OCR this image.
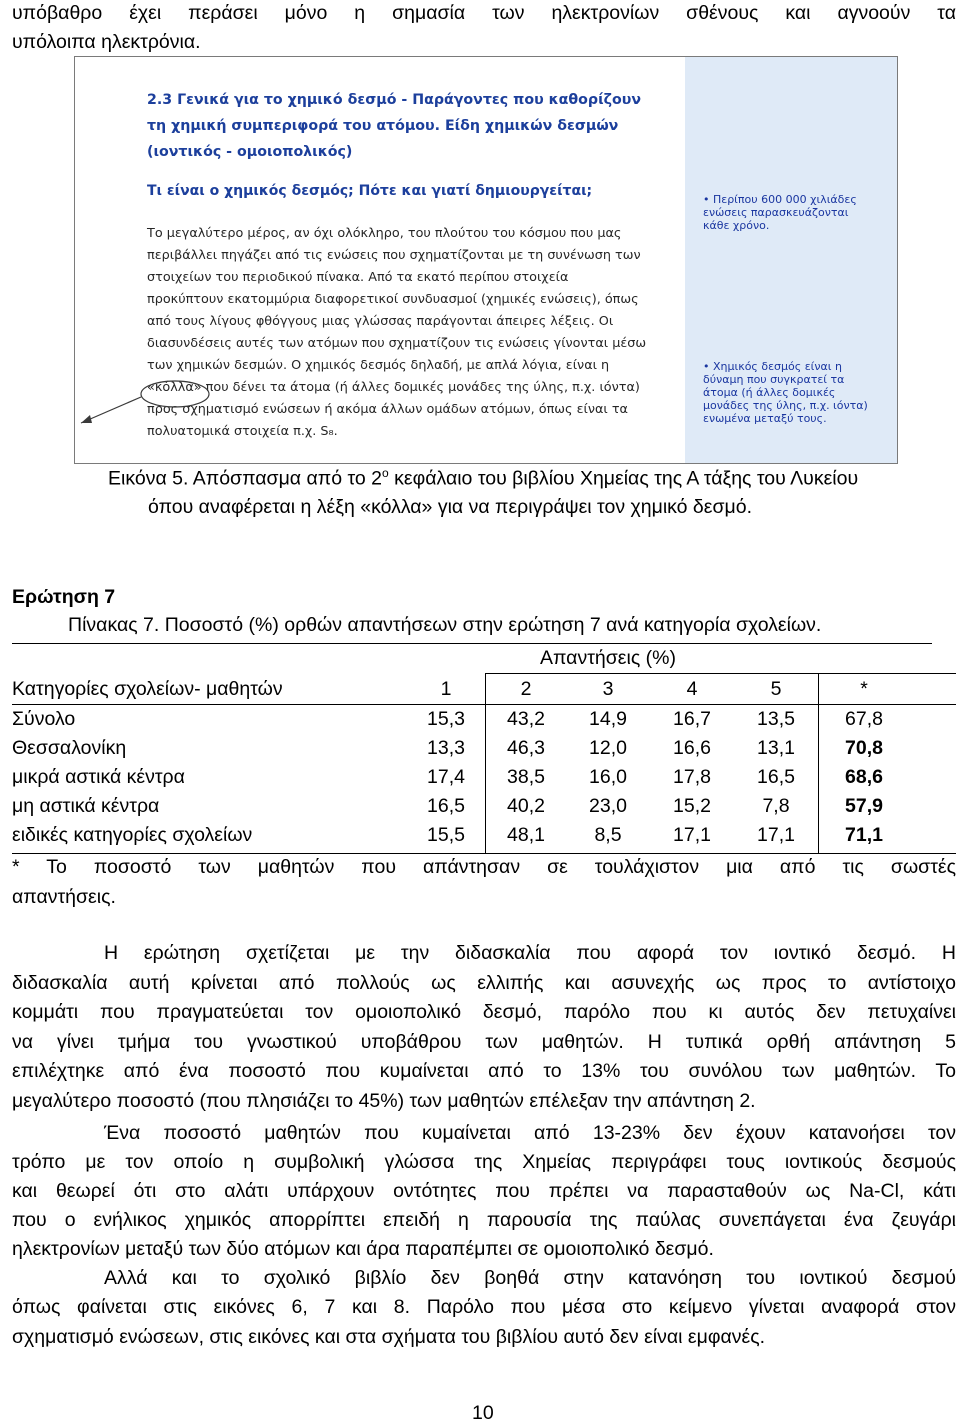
υπόβαθρο έχει περάσει μόνο η σημασία των ηλεκτρονίων σθένους και αγνοούν τα
υπόλοιπα ηλεκτρόνια.
2.3 Γενικά για το χημικό δεσμό - Παράγοντες που καθορίζουν
τη χημική συμπεριφορά του ατόμου. Είδη χημικών δεσμών
(ιοντικός - ομοιοπολικός)
Τι είναι ο χημικός δεσμός; Πότε και γιατί δημιουργείται;
Το μεγαλύτερο μέρος, αν όχι ολόκληρο, του πλούτου του κόσμου που μας
περιβάλλει πηγάζει από τις ενώσεις που σχηματίζονται με τη συνένωση των
στοιχείων του περιοδικού πίνακα. Από τα εκατό περίπου στοιχεία
προκύπτουν εκατομμύρια διαφορετικοί συνδυασμοί (χημικές ενώσεις), όπως
από τους λίγους φθόγγους μιας γλώσσας παράγονται άπειρες λέξεις. Οι
διασυνδέσεις αυτές των ατόμων που σχηματίζουν τις ενώσεις γίνονται μέσω
των χημικών δεσμών. Ο χημικός δεσμός δηλαδή, με απλά λόγια, είναι η
«κόλλα» που δένει τα άτομα (ή άλλες δομικές μονάδες της ύλης, π.χ. ιόντα)
προς σχηματισμό ενώσεων ή ακόμα άλλων ομάδων ατόμων, όπως είναι τα
πολυατομικά στοιχεία π.χ. S₈.
• Περίπου 600 000 χιλιάδες
ενώσεις παρασκευάζονται
κάθε χρόνο.
• Χημικός δεσμός είναι η
δύναμη που συγκρατεί τα
άτομα (ή άλλες δομικές
μονάδες της ύλης, π.χ. ιόντα)
ενωμένα μεταξύ τους.
Εικόνα 5. Απόσπασμα από το $2^o$ κεφάλαιο του βιβλίου Χημείας της Α τάξης του Λυκείου
όπου αναφέρεται η λέξη «κόλλα» για να περιγράψει τον χημικό δεσμό.
Ερώτηση 7
Πίνακας 7. Ποσοστό (%) ορθών απαντήσεων στην ερώτηση 7 ανά κατηγορία σχολείων.
Απαντήσεις (%)
Κατηγορίες σχολείων- μαθητών	1	2	3	4	5	*
Σύνολο	15,3	43,2	14,9	16,7	13,5	67,8
Θεσσαλονίκη	13,3	46,3	12,0	16,6	13,1	70,8
μικρά αστικά κέντρα	17,4	38,5	16,0	17,8	16,5	68,6
μη αστικά κέντρα	16,5	40,2	23,0	15,2	7,8	57,9
ειδικές κατηγορίες σχολείων	15,5	48,1	8,5	17,1	17,1	71,1
* Το ποσοστό των μαθητών που απάντησαν σε τουλάχιστον μια από τις σωστές
απαντήσεις.
Η ερώτηση σχετίζεται με την διδασκαλία που αφορά τον ιοντικό δεσμό. Η
διδασκαλία αυτή κρίνεται από πολλούς ως ελλιπής και ασυνεχής ως προς το αντίστοιχο
κομμάτι που πραγματεύεται τον ομοιοπολικό δεσμό, παρόλο που κι αυτός δεν πετυχαίνει
να γίνει τμήμα του γνωστικού υποβάθρου των μαθητών. Η τυπικά ορθή απάντηση 5
επιλέχτηκε από ένα ποσοστό που κυμαίνεται από το 13% του συνόλου των μαθητών. Το
μεγαλύτερο ποσοστό (που πλησιάζει το 45%) των μαθητών επέλεξαν την απάντηση 2.
Ένα ποσοστό μαθητών που κυμαίνεται από 13-23% δεν έχουν κατανοήσει τον
τρόπο με τον οποίο η συμβολική γλώσσα της Χημείας περιγράφει τους ιοντικούς δεσμούς
και θεωρεί ότι στο αλάτι υπάρχουν οντότητες που πρέπει να παρασταθούν ως Na-Cl, κάτι
που ο ενήλικος χημικός απορρίπτει επειδή η παρουσία της παύλας συνεπάγεται ένα ζευγάρι
ηλεκτρονίων μεταξύ των δύο ατόμων και άρα παραπέμπει σε ομοιοπολικό δεσμό.
Αλλά και το σχολικό βιβλίο δεν βοηθά στην κατανόηση του ιοντικού δεσμού
όπως φαίνεται στις εικόνες 6, 7 και 8. Παρόλο που μέσα στο κείμενο γίνεται αναφορά στον
σχηματισμό ενώσεων, στις εικόνες και στα σχήματα του βιβλίου αυτό δεν είναι εμφανές.
10
